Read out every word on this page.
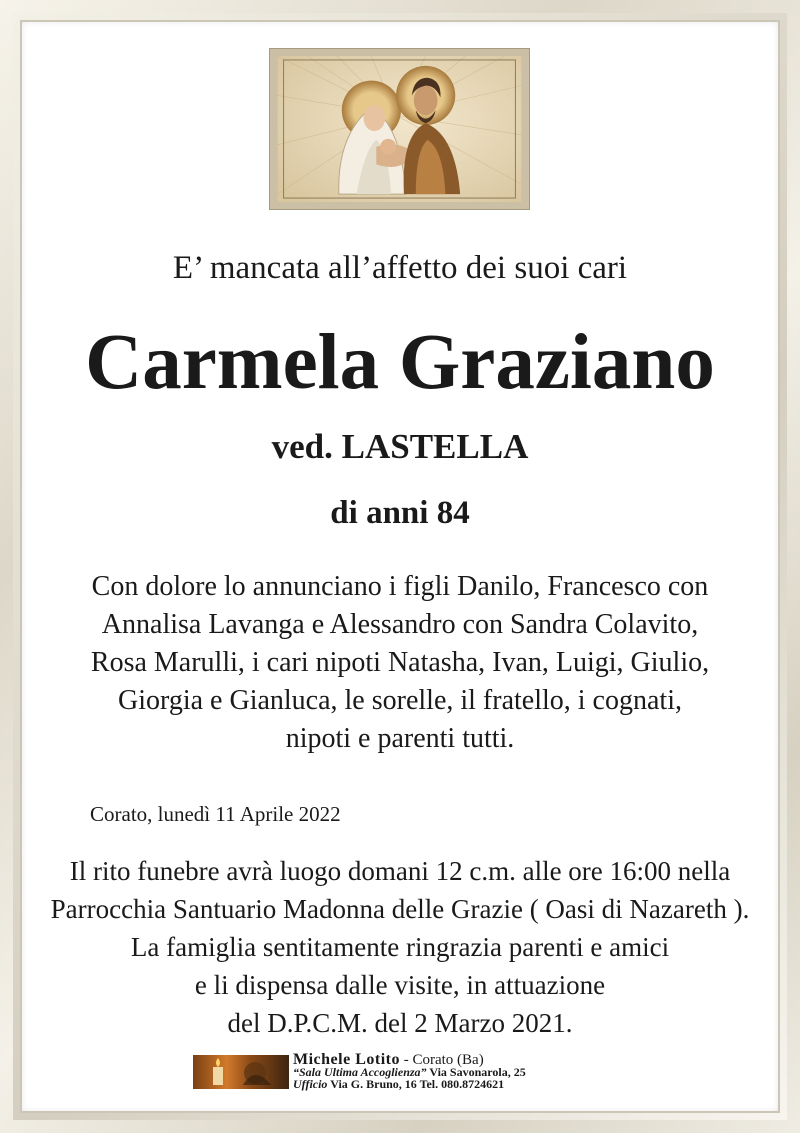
E’ mancata all’affetto dei suoi cari
Carmela Graziano
ved. LASTELLA
di anni 84
Con dolore lo annunciano i figli Danilo, Francesco con
Annalisa Lavanga e Alessandro con Sandra Colavito,
Rosa Marulli, i cari nipoti Natasha, Ivan, Luigi, Giulio,
Giorgia e Gianluca, le sorelle, il fratello, i cognati,
nipoti e parenti tutti.
Corato, lunedì 11 Aprile 2022
Il rito funebre avrà luogo domani 12 c.m. alle ore 16:00 nella
Parrocchia Santuario Madonna delle Grazie ( Oasi di Nazareth ).
La famiglia sentitamente ringrazia parenti e amici
e li dispensa dalle visite, in attuazione
del D.P.C.M. del 2 Marzo 2021.
Michele Lotito - Corato (Ba)
“Sala Ultima Accoglienza” Via Savonarola, 25
Ufficio Via G. Bruno, 16 Tel. 080.8724621
